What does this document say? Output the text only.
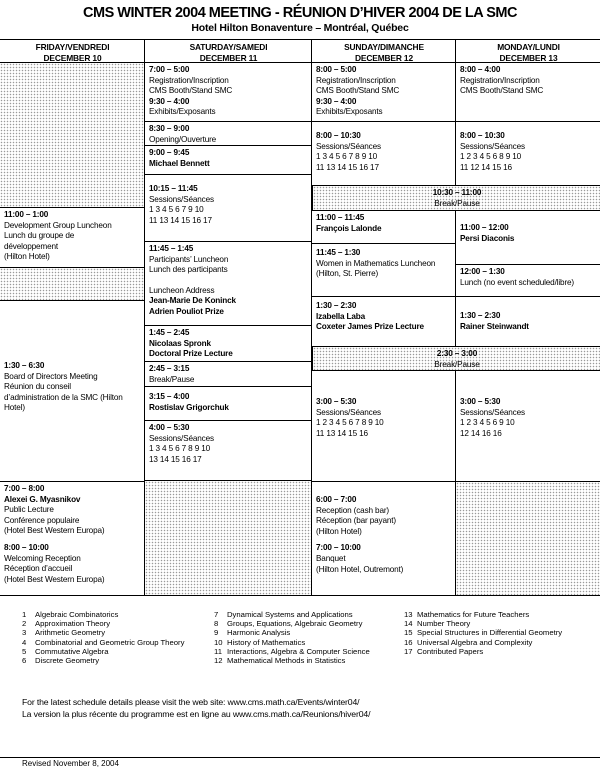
CMS WINTER 2004 MEETING - RÉUNION D’HIVER 2004 DE LA SMC
Hotel Hilton Bonaventure – Montréal, Québec
FRIDAY/VENDREDI
DECEMBER 10
11:00 – 1:00
Development Group Luncheon
Lunch du groupe de
développement
(Hilton Hotel)
1:30 – 6:30
Board of Directors Meeting
Réunion du conseil
d’administration de la SMC (Hilton
Hotel)
7:00 – 8:00
Alexei G. Myasnikov
Public Lecture
Conférence populaire
(Hotel Best Western Europa)
8:00 – 10:00
Welcoming Reception
Réception d’accueil
(Hotel Best Western Europa)
SATURDAY/SAMEDI
DECEMBER 11
7:00 – 5:00
Registration/Inscription
CMS Booth/Stand SMC
9:30 – 4:00
Exhibits/Exposants
8:30 – 9:00
Opening/Ouverture
9:00 – 9:45
Michael Bennett
10:15 – 11:45
Sessions/Séances
1 3 4 5 6 7 9 10
11 13 14 15 16 17
11:45 – 1:45
Participants’ Luncheon
Lunch des participants
Luncheon Address
Jean-Marie De Koninck
Adrien Pouliot Prize
1:45 – 2:45
Nicolaas Spronk
Doctoral Prize Lecture
2:45 – 3:15
Break/Pause
3:15 – 4:00
Rostislav Grigorchuk
4:00 – 5:30
Sessions/Séances
1 3 4 5 6 7 8 9 10
13 14 15 16 17
SUNDAY/DIMANCHE
DECEMBER 12
8:00 – 5:00
Registration/Inscription
CMS Booth/Stand SMC
9:30 – 4:00
Exhibits/Exposants
8:00 – 10:30
Sessions/Séances
1 3 4 5 6 7 8 9 10
11 13 14 15 16 17
11:00 – 11:45
François Lalonde
11:45 – 1:30
Women in Mathematics Luncheon
(Hilton, St. Pierre)
1:30 – 2:30
Izabella Laba
Coxeter James Prize Lecture
3:00 – 5:30
Sessions/Séances
1 2 3 4 5 6 7 8 9 10
11 13 14 15 16
6:00 – 7:00
Reception (cash bar)
Réception (bar payant)
(Hilton Hotel)
7:00 – 10:00
Banquet
(Hilton Hotel, Outremont)
MONDAY/LUNDI
DECEMBER 13
8:00 – 4:00
Registration/Inscription
CMS Booth/Stand SMC
8:00 – 10:30
Sessions/Séances
1 2 3 4 5 6 8 9 10
11 12 14 15 16
11:00 – 12:00
Persi Diaconis
12:00 – 1:30
Lunch (no event scheduled/libre)
1:30 – 2:30
Rainer Steinwandt
3:00 – 5:30
Sessions/Séances
1 2 3 4 5 6 9 10
12 14 16 16
10:30 – 11:00
Break/Pause
2:30 – 3:00
Break/Pause
1 Algebraic Combinatorics
2 Approximation Theory
3 Arithmetic Geometry
4 Combinatorial and Geometric Group Theory
5 Commutative Algebra
6 Discrete Geometry
7 Dynamical Systems and Applications
8 Groups, Equations, Algebraic Geometry
9 Harmonic Analysis
10 History of Mathematics
11 Interactions, Algebra & Computer Science
12 Mathematical Methods in Statistics
13 Mathematics for Future Teachers
14 Number Theory
15 Special Structures in Differential Geometry
16 Universal Algebra and Complexity
17 Contributed Papers
For the latest schedule details please visit the web site: www.cms.math.ca/Events/winter04/
La version la plus récente du programme est en ligne au www.cms.math.ca/Reunions/hiver04/
Revised November 8, 2004
